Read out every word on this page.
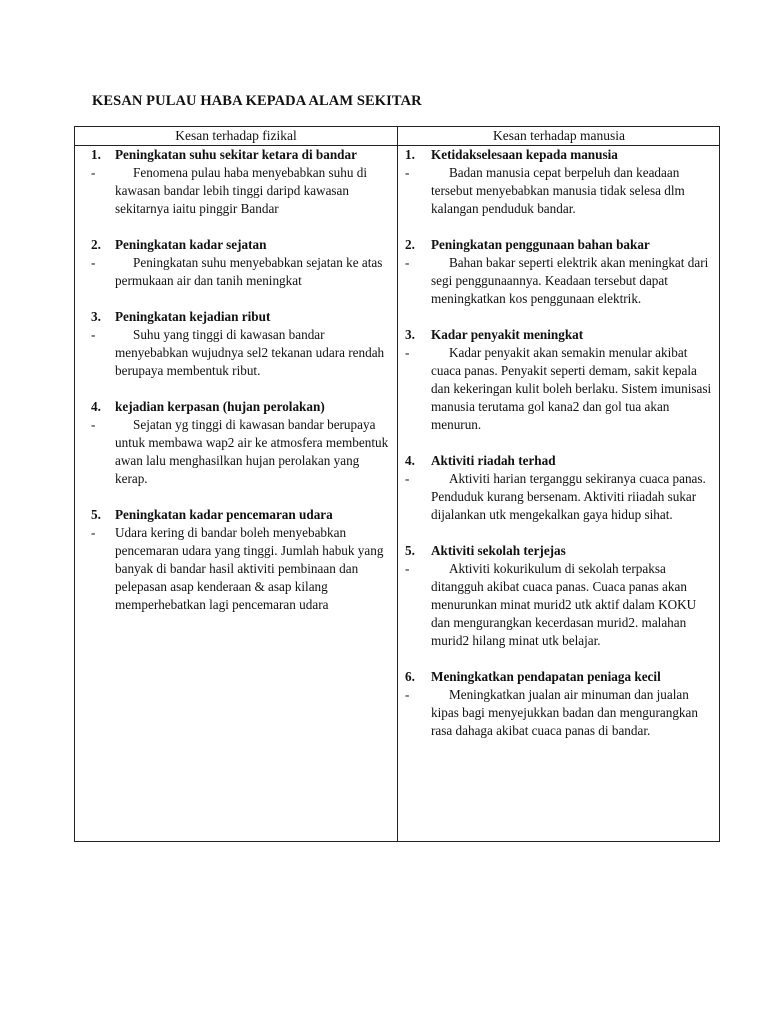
KESAN PULAU HABA KEPADA ALAM SEKITAR
Kesan terhadap fizikal	Kesan terhadap manusia
1. Peningkatan suhu sekitar ketara di bandar
-	Fenomena pulau haba menyebabkan suhu di kawasan bandar lebih tinggi daripd kawasan sekitarnya iaitu pinggir Bandar
2. Peningkatan kadar sejatan
-	Peningkatan suhu menyebabkan sejatan ke atas permukaan air dan tanih meningkat
3. Peningkatan kejadian ribut
-	Suhu yang tinggi di kawasan bandar menyebabkan wujudnya sel2 tekanan udara rendah berupaya membentuk ribut.
4. kejadian kerpasan (hujan perolakan)
-	Sejatan yg tinggi di kawasan bandar berupaya untuk membawa wap2 air ke atmosfera membentuk awan lalu menghasilkan hujan perolakan yang kerap.
5. Peningkatan kadar pencemaran udara
- Udara kering di bandar boleh menyebabkan pencemaran udara yang tinggi. Jumlah habuk yang banyak di bandar hasil aktiviti pembinaan dan pelepasan asap kenderaan & asap kilang memperhebatkan lagi pencemaran udara
1. Ketidakselesaan kepada manusia
-	Badan manusia cepat berpeluh dan keadaan tersebut menyebabkan manusia tidak selesa dlm kalangan penduduk bandar.
2. Peningkatan penggunaan bahan bakar
-	Bahan bakar seperti elektrik akan meningkat dari segi penggunaannya. Keadaan tersebut dapat meningkatkan kos penggunaan elektrik.
3. Kadar penyakit meningkat
-	Kadar penyakit akan semakin menular akibat cuaca panas. Penyakit seperti demam, sakit kepala dan kekeringan kulit boleh berlaku. Sistem imunisasi manusia terutama gol kana2 dan gol tua akan menurun.
4. Aktiviti riadah terhad
-	Aktiviti harian terganggu sekiranya cuaca panas. Penduduk kurang bersenam. Aktiviti riiadah sukar dijalankan utk mengekalkan gaya hidup sihat.
5. Aktiviti sekolah terjejas
-	Aktiviti kokurikulum di sekolah terpaksa ditangguh akibat cuaca panas. Cuaca panas akan menurunkan minat murid2 utk aktif dalam KOKU dan mengurangkan kecerdasan murid2. malahan murid2 hilang minat utk belajar.
6. Meningkatkan pendapatan peniaga kecil
-	Meningkatkan jualan air minuman dan jualan kipas bagi menyejukkan badan dan mengurangkan rasa dahaga akibat cuaca panas di bandar.
